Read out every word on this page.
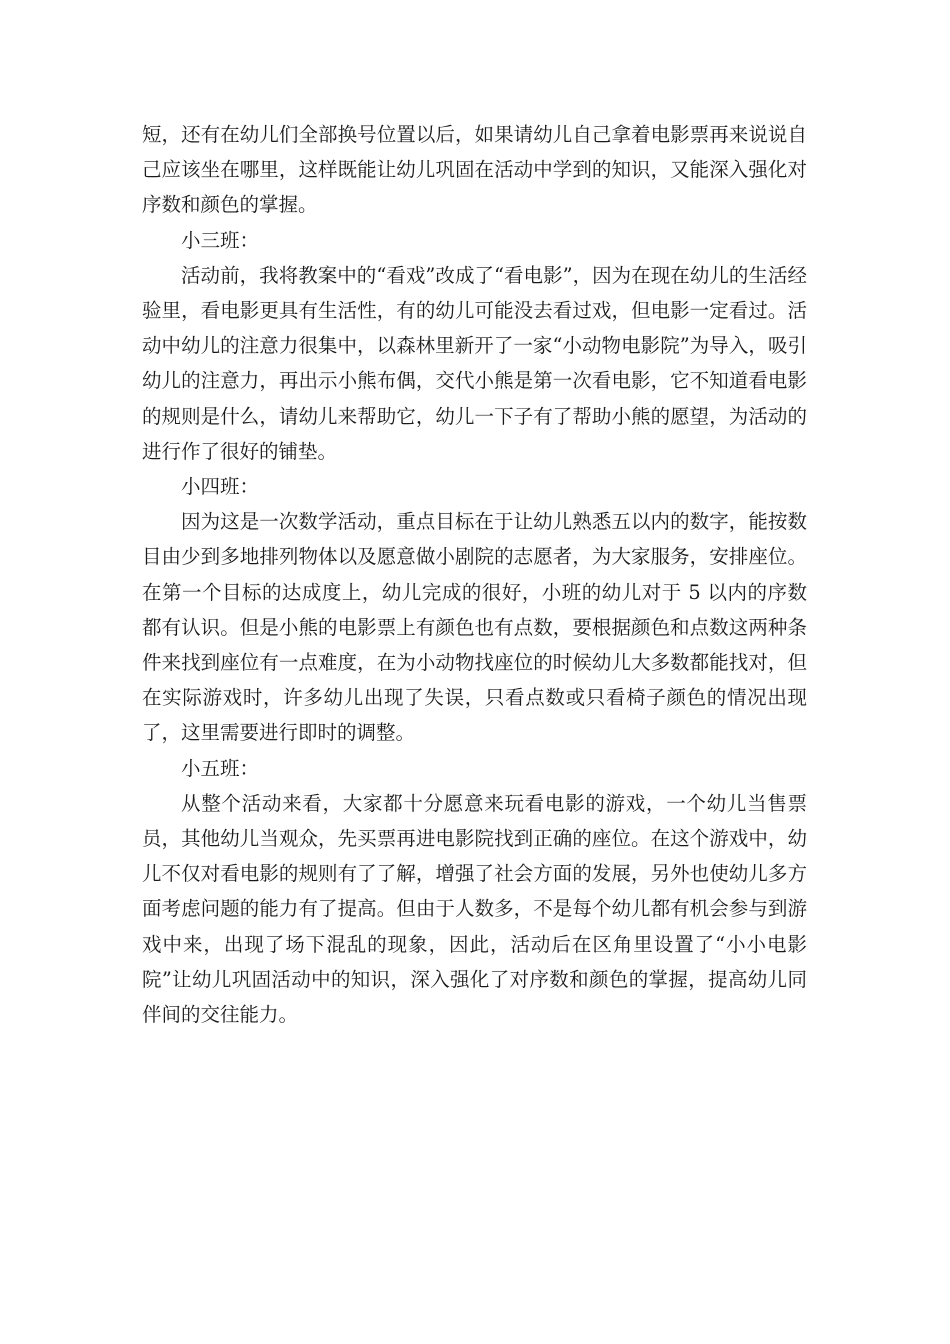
短，还有在幼儿们全部换号位置以后，如果请幼儿自己拿着电影票再来说说自己应该坐在哪里，这样既能让幼儿巩固在活动中学到的知识，又能深入强化对序数和颜色的掌握。

小三班：

活动前，我将教案中的“看戏”改成了“看电影”，因为在现在幼儿的生活经验里，看电影更具有生活性，有的幼儿可能没去看过戏，但电影一定看过。活动中幼儿的注意力很集中，以森林里新开了一家“小动物电影院”为导入，吸引幼儿的注意力，再出示小熊布偶，交代小熊是第一次看电影，它不知道看电影的规则是什么，请幼儿来帮助它，幼儿一下子有了帮助小熊的愿望，为活动的进行作了很好的铺垫。

小四班：

因为这是一次数学活动，重点目标在于让幼儿熟悉五以内的数字，能按数目由少到多地排列物体以及愿意做小剧院的志愿者，为大家服务，安排座位。在第一个目标的达成度上，幼儿完成的很好，小班的幼儿对于 5 以内的序数都有认识。但是小熊的电影票上有颜色也有点数，要根据颜色和点数这两种条件来找到座位有一点难度，在为小动物找座位的时候幼儿大多数都能找对，但在实际游戏时，许多幼儿出现了失误，只看点数或只看椅子颜色的情况出现了，这里需要进行即时的调整。

小五班：

从整个活动来看，大家都十分愿意来玩看电影的游戏，一个幼儿当售票员，其他幼儿当观众，先买票再进电影院找到正确的座位。在这个游戏中，幼儿不仅对看电影的规则有了了解，增强了社会方面的发展，另外也使幼儿多方面考虑问题的能力有了提高。但由于人数多，不是每个幼儿都有机会参与到游戏中来，出现了场下混乱的现象，因此，活动后在区角里设置了“小小电影院”让幼儿巩固活动中的知识，深入强化了对序数和颜色的掌握，提高幼儿同伴间的交往能力。
